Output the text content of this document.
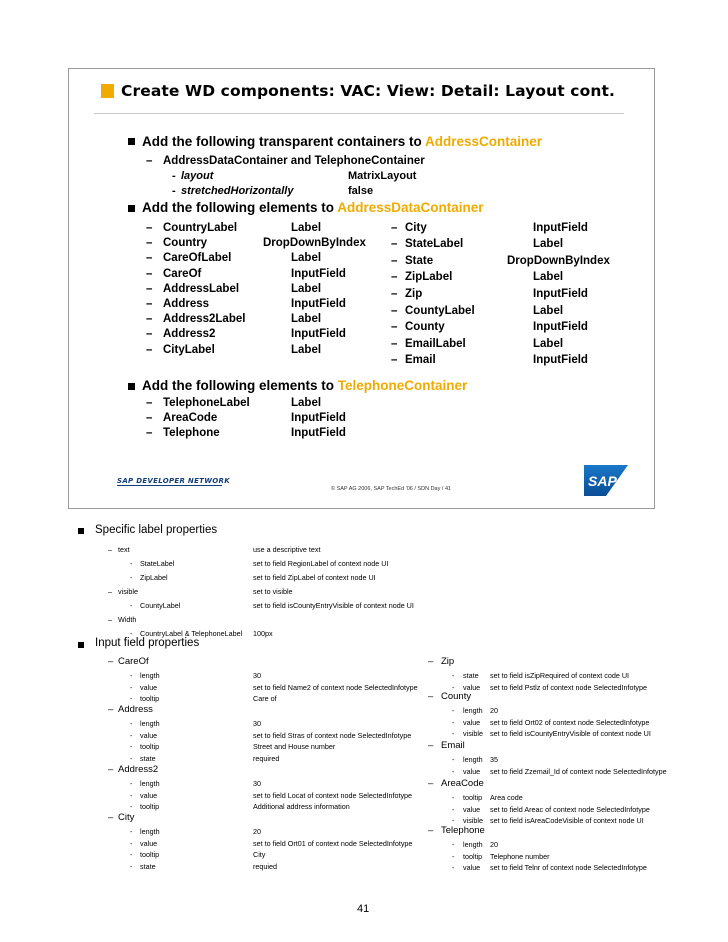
Create WD components: VAC: View: Detail: Layout cont.
Add the following transparent containers to AddressContainer
– AddressDataContainer and TelephoneContainer
- layout	MatrixLayout
- stretchedHorizontally	false
Add the following elements to AddressDataContainer
– CountryLabel	Label
– Country	DropDownByIndex
– CareOfLabel	Label
– CareOf	InputField
– AddressLabel	Label
– Address	InputField
– Address2Label	Label
– Address2	InputField
– CityLabel	Label
– City	InputField
– StateLabel	Label
– State	DropDownByIndex
– ZipLabel	Label
– Zip	InputField
– CountyLabel	Label
– County	InputField
– EmailLabel	Label
– Email	InputField
Add the following elements to TelephoneContainer
– TelephoneLabel	Label
– AreaCode	InputField
– Telephone	InputField
SAP DEVELOPER NETWORK
© SAP AG 2006, SAP TechEd '06 / SDN Day / 41	SAP
Specific label properties
– text	use a descriptive text
- StateLabel	set to field RegionLabel of context node UI
- ZipLabel	set to field ZipLabel of context node UI
– visible	set to visible
- CountyLabel	set to field isCountyEntryVisible of context node UI
– Width
- CountryLabel & TelephoneLabel 100px
Input field properties
– CareOf
- length	30
- value	set to field Name2 of context node SelectedInfotype
- tooltip	Care of
– Address
- length	30
- value	set to field Stras of context node SelectedInfotype
- tooltip	Street and House number
- state	required
– Address2
- length	30
- value	set to field Locat of context node SelectedInfotype
- tooltip	Additional address information
– City
- length	20
- value	set to field Ort01 of context node SelectedInfotype
- tooltip	City
- state	requied
– Zip
- state set to field isZipRequired of context code UI
- value set to field Pstlz of context node SelectedInfotype
– County
- length 20
- value set to field Ort02 of context node SelectedInfotype
- visible set to field isCountyEntryVisible of context node UI
– Email
- length 35
- value set to field Zzemail_Id of context node SelectedInfotype
– AreaCode
- tooltip Area code
- value set to field Areac of context node SelectedInfotype
- visible set to field isAreaCodeVisible of context node UI
– Telephone
- length 20
- tooltip Telephone number
- value set to field Telnr of context node SelectedInfotype
41
